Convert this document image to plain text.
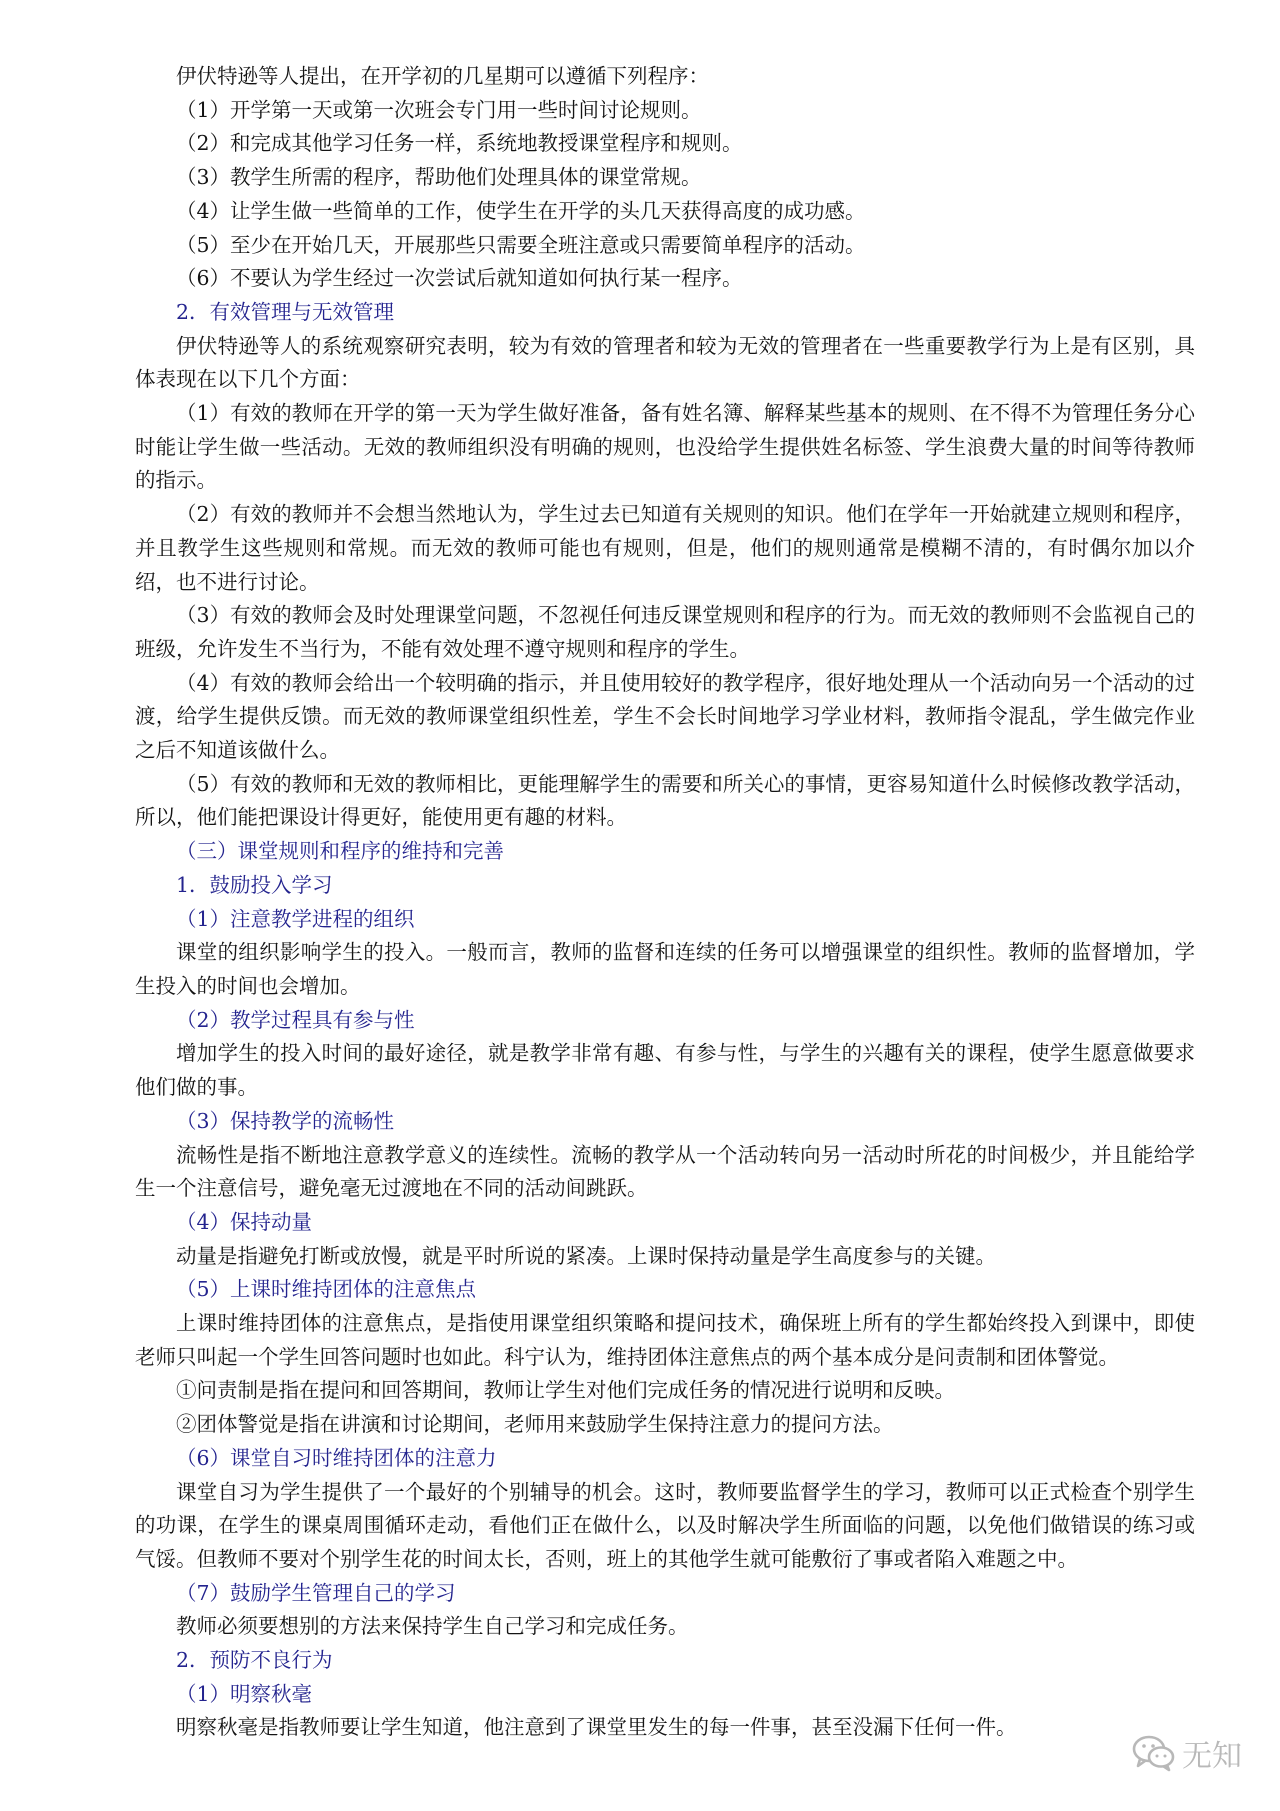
伊伏特逊等人提出，在开学初的几星期可以遵循下列程序：
（1）开学第一天或第一次班会专门用一些时间讨论规则。
（2）和完成其他学习任务一样，系统地教授课堂程序和规则。
（3）教学生所需的程序，帮助他们处理具体的课堂常规。
（4）让学生做一些简单的工作，使学生在开学的头几天获得高度的成功感。
（5）至少在开始几天，开展那些只需要全班注意或只需要简单程序的活动。
（6）不要认为学生经过一次尝试后就知道如何执行某一程序。
2．有效管理与无效管理
伊伏特逊等人的系统观察研究表明，较为有效的管理者和较为无效的管理者在一些重要教学行为上是有区别，具体表现在以下几个方面：
（1）有效的教师在开学的第一天为学生做好准备，备有姓名簿、解释某些基本的规则、在不得不为管理任务分心时能让学生做一些活动。无效的教师组织没有明确的规则，也没给学生提供姓名标签、学生浪费大量的时间等待教师的指示。
（2）有效的教师并不会想当然地认为，学生过去已知道有关规则的知识。他们在学年一开始就建立规则和程序，并且教学生这些规则和常规。而无效的教师可能也有规则，但是，他们的规则通常是模糊不清的，有时偶尔加以介绍，也不进行讨论。
（3）有效的教师会及时处理课堂问题，不忽视任何违反课堂规则和程序的行为。而无效的教师则不会监视自己的班级，允许发生不当行为，不能有效处理不遵守规则和程序的学生。
（4）有效的教师会给出一个较明确的指示，并且使用较好的教学程序，很好地处理从一个活动向另一个活动的过渡，给学生提供反馈。而无效的教师课堂组织性差，学生不会长时间地学习学业材料，教师指令混乱，学生做完作业之后不知道该做什么。
（5）有效的教师和无效的教师相比，更能理解学生的需要和所关心的事情，更容易知道什么时候修改教学活动，所以，他们能把课设计得更好，能使用更有趣的材料。
（三）课堂规则和程序的维持和完善
1．鼓励投入学习
（1）注意教学进程的组织
课堂的组织影响学生的投入。一般而言，教师的监督和连续的任务可以增强课堂的组织性。教师的监督增加，学生投入的时间也会增加。
（2）教学过程具有参与性
增加学生的投入时间的最好途径，就是教学非常有趣、有参与性，与学生的兴趣有关的课程，使学生愿意做要求他们做的事。
（3）保持教学的流畅性
流畅性是指不断地注意教学意义的连续性。流畅的教学从一个活动转向另一活动时所花的时间极少，并且能给学生一个注意信号，避免毫无过渡地在不同的活动间跳跃。
（4）保持动量
动量是指避免打断或放慢，就是平时所说的紧凑。上课时保持动量是学生高度参与的关键。
（5）上课时维持团体的注意焦点
上课时维持团体的注意焦点，是指使用课堂组织策略和提问技术，确保班上所有的学生都始终投入到课中，即使老师只叫起一个学生回答问题时也如此。科宁认为，维持团体注意焦点的两个基本成分是问责制和团体警觉。
①问责制是指在提问和回答期间，教师让学生对他们完成任务的情况进行说明和反映。
②团体警觉是指在讲演和讨论期间，老师用来鼓励学生保持注意力的提问方法。
（6）课堂自习时维持团体的注意力
课堂自习为学生提供了一个最好的个别辅导的机会。这时，教师要监督学生的学习，教师可以正式检查个别学生的功课，在学生的课桌周围循环走动，看他们正在做什么，以及时解决学生所面临的问题，以免他们做错误的练习或气馁。但教师不要对个别学生花的时间太长，否则，班上的其他学生就可能敷衍了事或者陷入难题之中。
（7）鼓励学生管理自己的学习
教师必须要想别的方法来保持学生自己学习和完成任务。
2．预防不良行为
（1）明察秋毫
明察秋毫是指教师要让学生知道，他注意到了课堂里发生的每一件事，甚至没漏下任何一件。
无知
